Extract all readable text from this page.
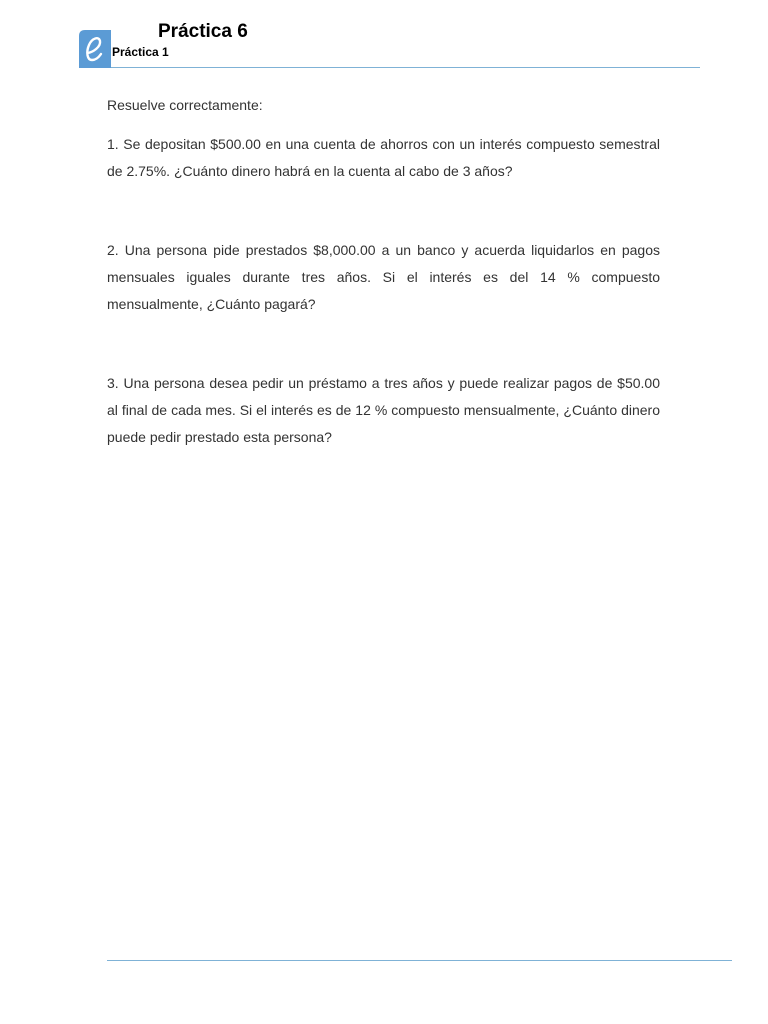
Práctica 6
Práctica 1

Resuelve correctamente:

1. Se depositan $500.00 en una cuenta de ahorros con un interés compuesto semestral de 2.75%. ¿Cuánto dinero habrá en la cuenta al cabo de 3 años?

2. Una persona pide prestados $8,000.00 a un banco y acuerda liquidarlos en pagos mensuales iguales durante tres años. Si el interés es del 14 % compuesto mensualmente, ¿Cuánto pagará?

3. Una persona desea pedir un préstamo a tres años y puede realizar pagos de $50.00 al final de cada mes. Si el interés es de 12 % compuesto mensualmente, ¿Cuánto dinero puede pedir prestado esta persona?
